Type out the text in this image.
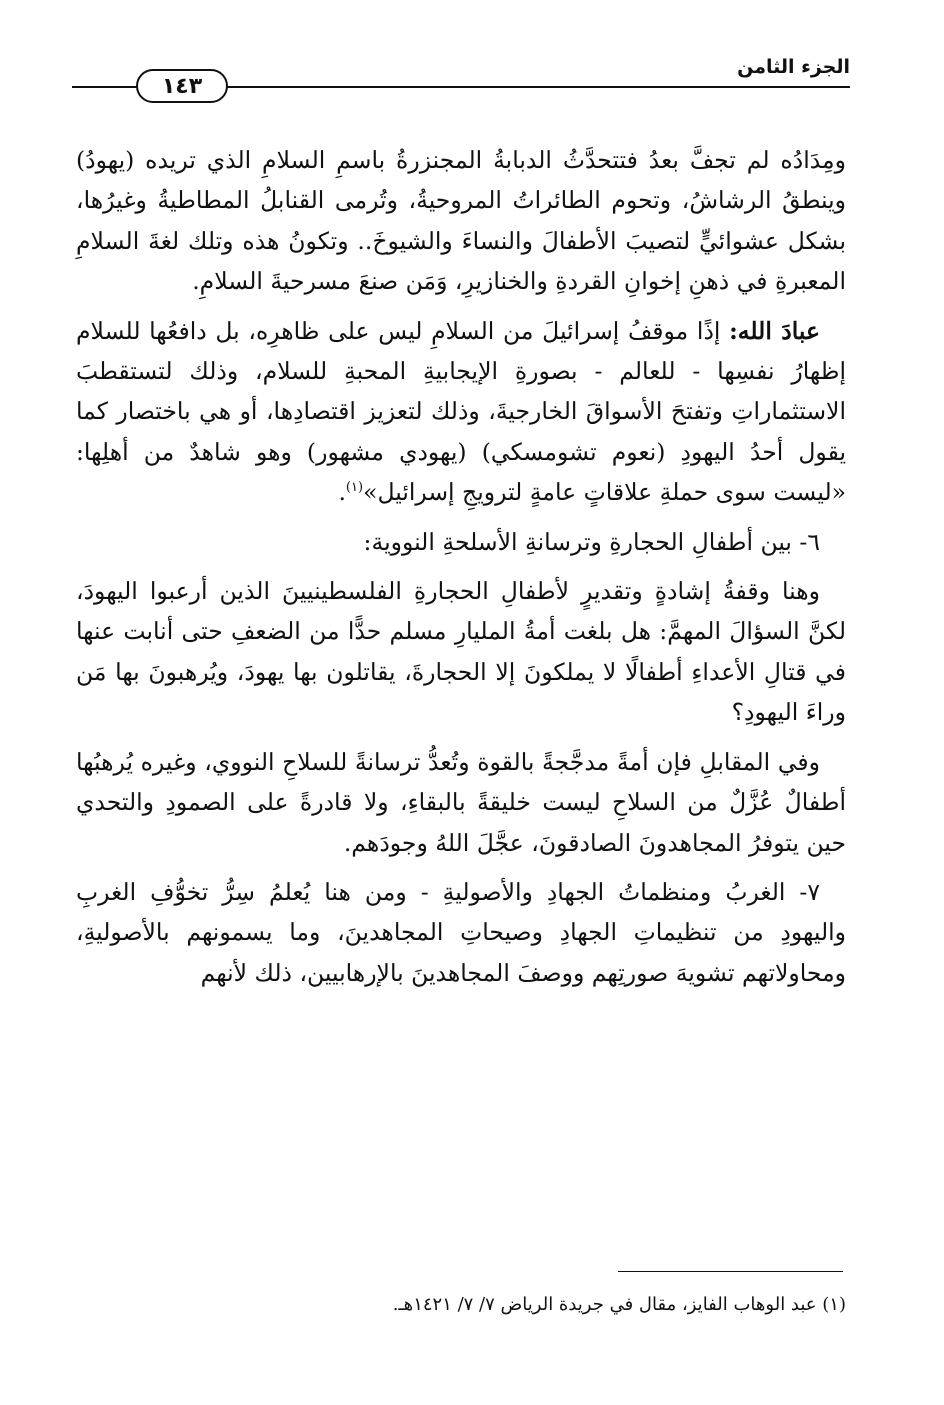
الجزء الثامن
١٤٣

ومِدَادُه لم تجفَّ بعدُ فتتحدَّثُ الدبابةُ المجنزرةُ باسمِ السلامِ الذي تريده (يهودُ) وينطقُ الرشاشُ، وتحوم الطائراتُ المروحيةُ، وتُرمى القنابلُ المطاطيةُ وغيرُها، بشكل عشوائيٍّ لتصيبَ الأطفالَ والنساءَ والشيوخَ.. وتكونُ هذه وتلك لغةَ السلامِ المعبرةِ في ذهنِ إخوانِ القردةِ والخنازيرِ، وَمَن صنعَ مسرحيةَ السلامِ.

عبادَ الله: إذًا موقفُ إسرائيلَ من السلامِ ليس على ظاهرِه، بل دافعُها للسلام إظهارُ نفسِها - للعالم - بصورةِ الإيجابيةِ المحبةِ للسلام، وذلك لتستقطبَ الاستثماراتِ وتفتحَ الأسواقَ الخارجيةَ، وذلك لتعزيز اقتصادِها، أو هي باختصار كما يقول أحدُ اليهودِ (نعوم تشومسكي) (يهودي مشهور) وهو شاهدٌ من أهلِها: «ليست سوى حملةِ علاقاتٍ عامةٍ لترويجِ إسرائيل»$^{(١)}$.

٦- بين أطفالِ الحجارةِ وترسانةِ الأسلحةِ النووية:

وهنا وقفةُ إشادةٍ وتقديرٍ لأطفالِ الحجارةِ الفلسطينيينَ الذين أرعبوا اليهودَ، لكنَّ السؤالَ المهمَّ: هل بلغت أمةُ المليارِ مسلم حدًّا من الضعفِ حتى أنابت عنها في قتالِ الأعداءِ أطفالًا لا يملكونَ إلا الحجارةَ، يقاتلون بها يهودَ، ويُرهبونَ بها مَن وراءَ اليهودِ؟

وفي المقابلِ فإن أمةً مدجَّجةً بالقوة وتُعدُّ ترسانةً للسلاحِ النووي، وغيره يُرهبُها أطفالٌ عُزَّلٌ من السلاحِ ليست خليقةً بالبقاءِ، ولا قادرةً على الصمودِ والتحدي حين يتوفرُ المجاهدونَ الصادقونَ، عجَّلَ اللهُ وجودَهم.

٧- الغربُ ومنظماتُ الجهادِ والأصوليةِ - ومن هنا يُعلمُ سِرُّ تخوُّفِ الغربِ واليهودِ من تنظيماتِ الجهادِ وصيحاتِ المجاهدينَ، وما يسمونهم بالأصوليةِ، ومحاولاتهم تشويهَ صورتِهم ووصفَ المجاهدينَ بالإرهابيين، ذلك لأنهم

(١) عبد الوهاب الفايز، مقال في جريدة الرياض ٧/ ٧/ ١٤٢١هـ.
